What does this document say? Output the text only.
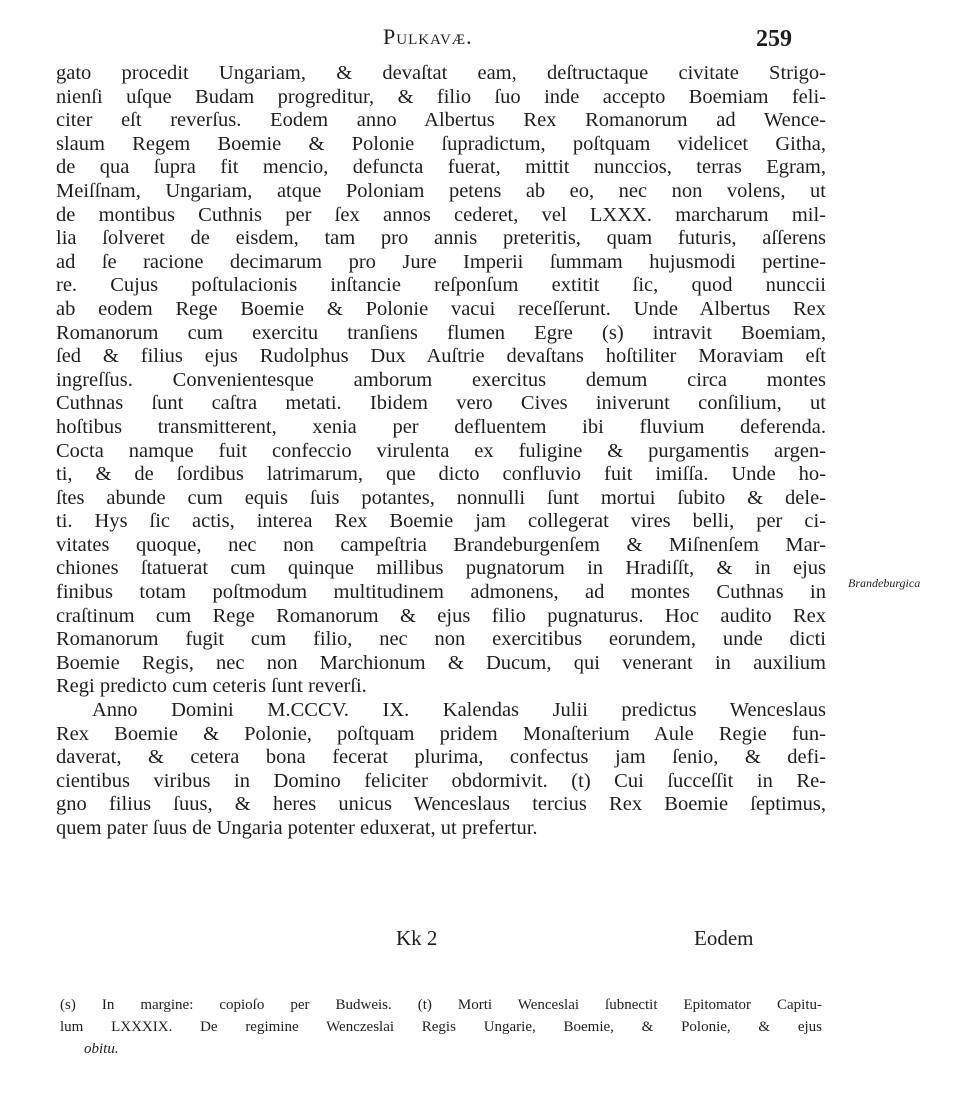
Pulkavæ.	259
gato procedit Ungariam, & devaſtat eam, deſtructaque civitate Strigo-
nienſi uſque Budam progreditur, & filio ſuo inde accepto Boemiam feli-
citer eſt reverſus. Eodem anno Albertus Rex Romanorum ad Wence-
slaum Regem Boemie & Polonie ſupradictum, poſtquam videlicet Githa,
de qua ſupra fit mencio, defuncta fuerat, mittit nunccios, terras Egram,
Meiſſnam, Ungariam, atque Poloniam petens ab eo, nec non volens, ut
de montibus Cuthnis per ſex annos cederet, vel LXXX. marcharum mil-
lia ſolveret de eisdem, tam pro annis preteritis, quam futuris, aſſerens
ad ſe racione decimarum pro Jure Imperii ſummam hujusmodi pertine-
re. Cujus poſtulacionis inſtancie reſponſum extitit ſic, quod nunccii
ab eodem Rege Boemie & Polonie vacui receſſerunt. Unde Albertus Rex
Romanorum cum exercitu tranſiens flumen Egre (s) intravit Boemiam,
ſed & filius ejus Rudolphus Dux Auſtrie devaſtans hoſtiliter Moraviam eſt
ingreſſus. Convenientesque amborum exercitus demum circa montes
Cuthnas ſunt caſtra metati. Ibidem vero Cives iniverunt conſilium, ut
hoſtibus transmitterent, xenia per defluentem ibi fluvium deferenda.
Cocta namque fuit confeccio virulenta ex fuligine & purgamentis argen-
ti, & de ſordibus latrimarum, que dicto confluvio fuit imiſſa. Unde ho-
ſtes abunde cum equis ſuis potantes, nonnulli ſunt mortui ſubito & dele-
ti. Hys ſic actis, interea Rex Boemie jam collegerat vires belli, per ci-
vitates quoque, nec non campeſtria Brandeburgenſem & Miſnenſem Mar-
chiones ſtatuerat cum quinque millibus pugnatorum in Hradiſſt, & in ejus
finibus totam poſtmodum multitudinem admonens, ad montes Cuthnas in
craſtinum cum Rege Romanorum & ejus filio pugnaturus. Hoc audito Rex
Romanorum fugit cum filio, nec non exercitibus eorundem, unde dicti
Boemie Regis, nec non Marchionum & Ducum, qui venerant in auxilium
Regi predicto cum ceteris ſunt reverſi.
Anno Domini M.CCCV. IX. Kalendas Julii predictus Wenceslaus
Rex Boemie & Polonie, poſtquam pridem Monaſterium Aule Regie fun-
daverat, & cetera bona fecerat plurima, confectus jam ſenio, & defi-
cientibus viribus in Domino feliciter obdormivit. (t) Cui ſucceſſit in Re-
gno filius ſuus, & heres unicus Wenceslaus tercius Rex Boemie ſeptimus,
quem pater ſuus de Ungaria potenter eduxerat, ut prefertur.
Brandeburgica
Kk 2	Eodem
(s) In margine: copioſo per Budweis. (t) Morti Wenceslai ſubnectit Epitomator Capitu-
lum LXXXIX. De regimine Wenczeslai Regis Ungarie, Boemie, & Polonie, & ejus
obitu.
